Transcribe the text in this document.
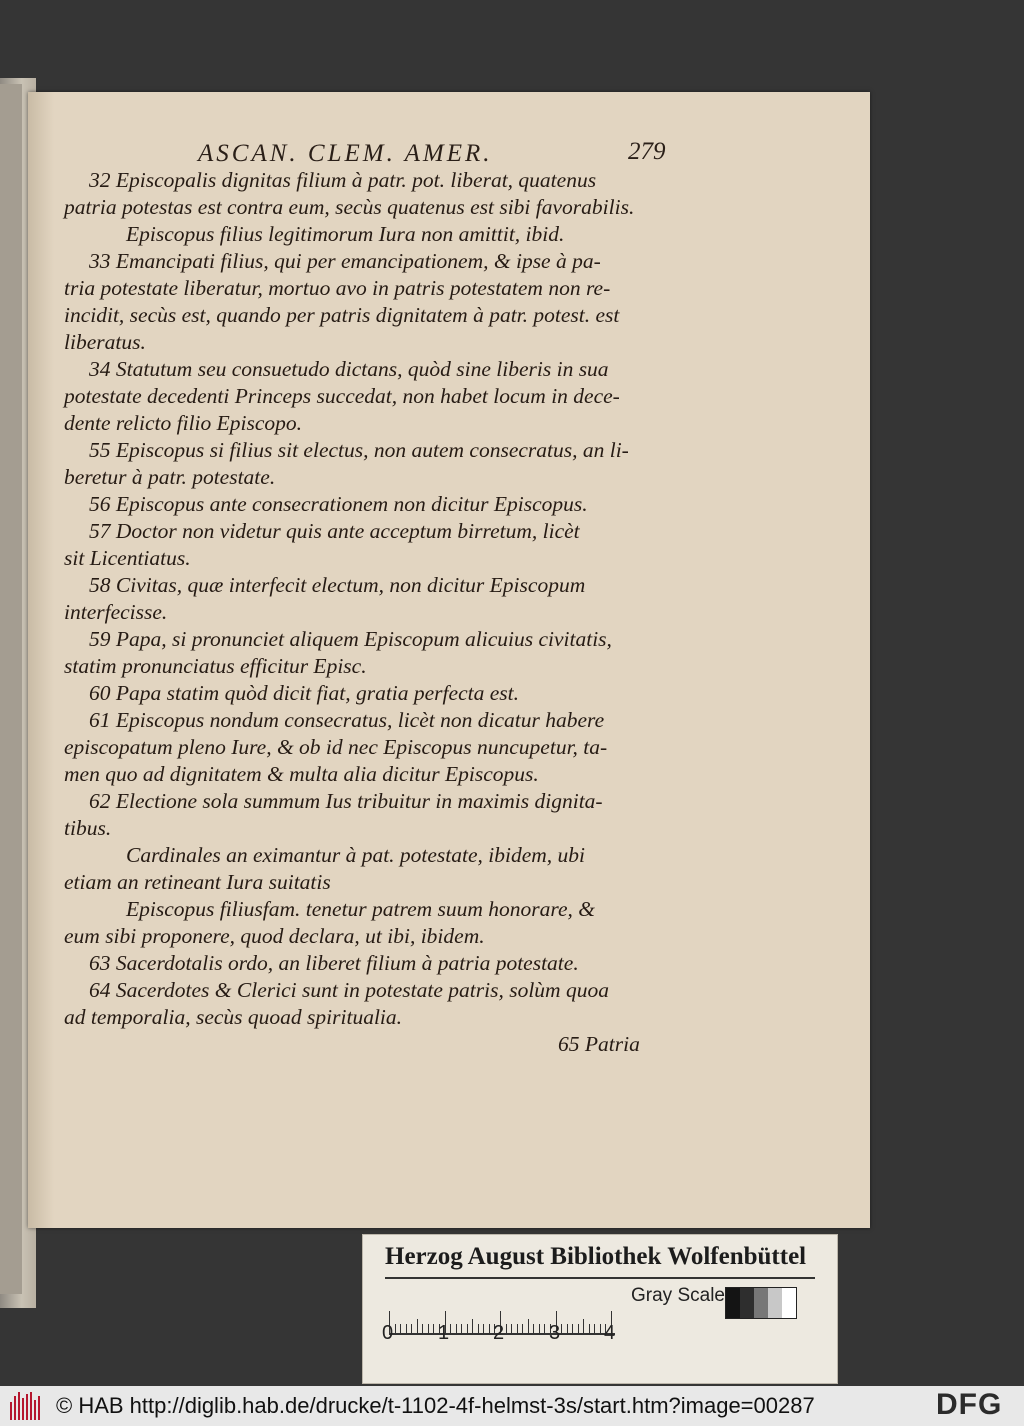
ASCAN. CLEM. AMER.	279
32 Episcopalis dignitas filium à patr. pot. liberat, quatenus
patria potestas est contra eum, secùs quatenus est sibi favorabilis.
Episcopus filius legitimorum Iura non amittit, ibid.
33 Emancipati filius, qui per emancipationem, & ipse à pa-
tria potestate liberatur, mortuo avo in patris potestatem non re-
incidit, secùs est, quando per patris dignitatem à patr. potest. est
liberatus.
34 Statutum seu consuetudo dictans, quòd sine liberis in sua
potestate decedenti Princeps succedat, non habet locum in dece-
dente relicto filio Episcopo.
55 Episcopus si filius sit electus, non autem consecratus, an li-
beretur à patr. potestate.
56 Episcopus ante consecrationem non dicitur Episcopus.
57 Doctor non videtur quis ante acceptum birretum, licèt
sit Licentiatus.
58 Civitas, quæ interfecit electum, non dicitur Episcopum
interfecisse.
59 Papa, si pronunciet aliquem Episcopum alicuius civitatis,
statim pronunciatus efficitur Episc.
60 Papa statim quòd dicit fiat, gratia perfecta est.
61 Episcopus nondum consecratus, licèt non dicatur habere
episcopatum pleno Iure, & ob id nec Episcopus nuncupetur, ta-
men quo ad dignitatem & multa alia dicitur Episcopus.
62 Electione sola summum Ius tribuitur in maximis dignita-
tibus.
Cardinales an eximantur à pat. potestate, ibidem, ubi
etiam an retineant Iura suitatis
Episcopus filiusfam. tenetur patrem suum honorare, &
eum sibi proponere, quod declara, ut ibi, ibidem.
63 Sacerdotalis ordo, an liberet filium à patria potestate.
64 Sacerdotes & Clerici sunt in potestate patris, solùm quoa
ad temporalia, secùs quoad spiritualia.
65 Patria
Herzog August Bibliothek Wolfenbüttel
Gray Scale
0 1 2 3 4
© HAB http://diglib.hab.de/drucke/t-1102-4f-helmst-3s/start.htm?image=00287	DFG
